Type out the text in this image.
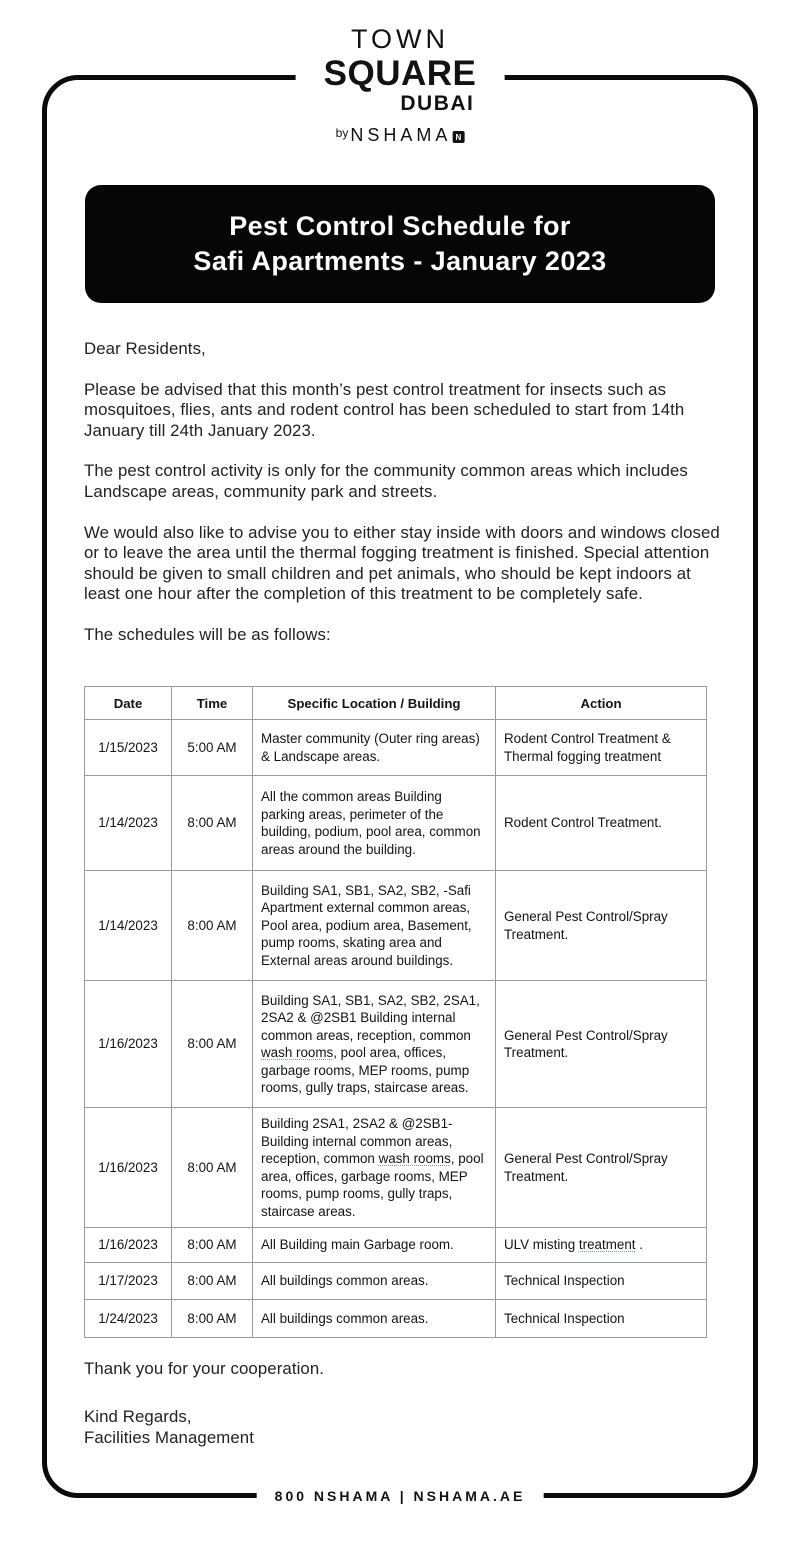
TOWN
SQUARE
DUBAI
by NSHAMA N
Pest Control Schedule for
Safi Apartments - January 2023

Dear Residents,

Please be advised that this month’s pest control treatment for insects such as mosquitoes, flies, ants and rodent control has been scheduled to start from 14th January till 24th January 2023.

The pest control activity is only for the community common areas which includes Landscape areas, community park and streets.

We would also like to advise you to either stay inside with doors and windows closed or to leave the area until the thermal fogging treatment is finished. Special attention should be given to small children and pet animals, who should be kept indoors at least one hour after the completion of this treatment to be completely safe.

The schedules will be as follows:

Date	Time	Specific Location / Building	Action
1/15/2023	5:00 AM	Master community (Outer ring areas) & Landscape areas.	Rodent Control Treatment & Thermal fogging treatment
1/14/2023	8:00 AM	All the common areas Building parking areas, perimeter of the building, podium, pool area, common areas around the building.	Rodent Control Treatment.
1/14/2023	8:00 AM	Building SA1, SB1, SA2, SB2, -Safi Apartment external common areas, Pool area, podium area, Basement, pump rooms, skating area and External areas around buildings.	General Pest Control/Spray Treatment.
1/16/2023	8:00 AM	Building SA1, SB1, SA2, SB2, 2SA1, 2SA2 & @2SB1 Building internal common areas, reception, common wash rooms, pool area, offices, garbage rooms, MEP rooms, pump rooms, gully traps, staircase areas.	General Pest Control/Spray Treatment.
1/16/2023	8:00 AM	Building 2SA1, 2SA2 & @2SB1-Building internal common areas, reception, common wash rooms, pool area, offices, garbage rooms, MEP rooms, pump rooms, gully traps, staircase areas.	General Pest Control/Spray Treatment.
1/16/2023	8:00 AM	All Building main Garbage room.	ULV misting treatment .
1/17/2023	8:00 AM	All buildings common areas.	Technical Inspection
1/24/2023	8:00 AM	All buildings common areas.	Technical Inspection

Thank you for your cooperation.

Kind Regards,

Facilities Management

800 NSHAMA | NSHAMA.AE
